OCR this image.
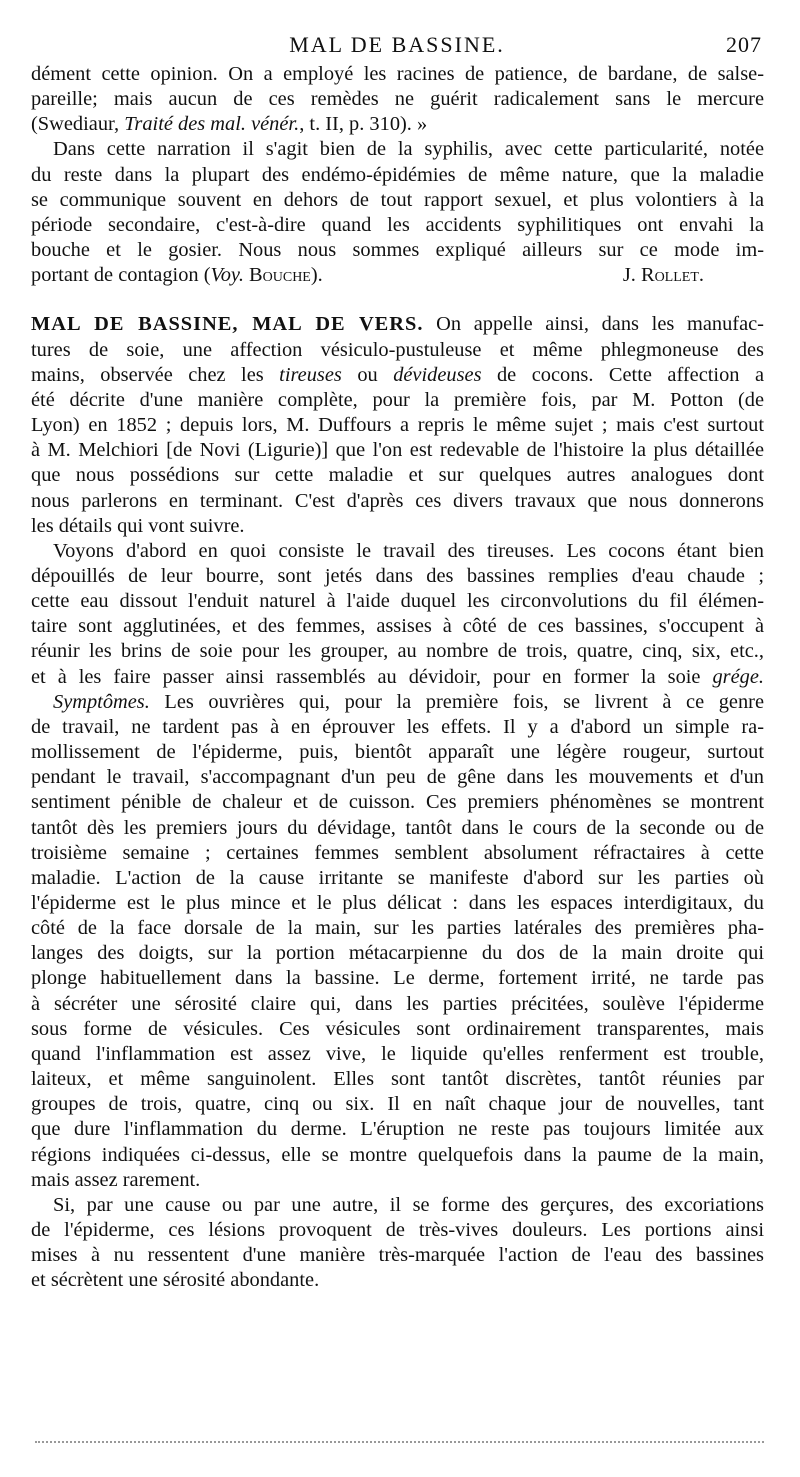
MAL DE BASSINE.	207

dément cette opinion. On a employé les racines de patience, de bardane, de salse-
pareille; mais aucun de ces remèdes ne guérit radicalement sans le mercure
(Swediaur, Traité des mal. vénér., t. II, p. 310). »

Dans cette narration il s'agit bien de la syphilis, avec cette particularité, notée
du reste dans la plupart des endémo-épidémies de même nature, que la maladie
se communique souvent en dehors de tout rapport sexuel, et plus volontiers à la
période secondaire, c'est-à-dire quand les accidents syphilitiques ont envahi la
bouche et le gosier. Nous nous sommes expliqué ailleurs sur ce mode im-
portant de contagion (Voy. Bouche).	J. Rollet.

MAL DE BASSINE, MAL DE VERS. On appelle ainsi, dans les manufac-
tures de soie, une affection vésiculo-pustuleuse et même phlegmoneuse des
mains, observée chez les tireuses ou dévideuses de cocons. Cette affection a
été décrite d'une manière complète, pour la première fois, par M. Potton (de
Lyon) en 1852 ; depuis lors, M. Duffours a repris le même sujet ; mais c'est surtout
à M. Melchiori [de Novi (Ligurie)] que l'on est redevable de l'histoire la plus détaillée
que nous possédions sur cette maladie et sur quelques autres analogues dont
nous parlerons en terminant. C'est d'après ces divers travaux que nous donnerons
les détails qui vont suivre.

Voyons d'abord en quoi consiste le travail des tireuses. Les cocons étant bien
dépouillés de leur bourre, sont jetés dans des bassines remplies d'eau chaude ;
cette eau dissout l'enduit naturel à l'aide duquel les circonvolutions du fil élémen-
taire sont agglutinées, et des femmes, assises à côté de ces bassines, s'occupent à
réunir les brins de soie pour les grouper, au nombre de trois, quatre, cinq, six, etc.,
et à les faire passer ainsi rassemblés au dévidoir, pour en former la soie grége.

Symptômes. Les ouvrières qui, pour la première fois, se livrent à ce genre
de travail, ne tardent pas à en éprouver les effets. Il y a d'abord un simple ra-
mollissement de l'épiderme, puis, bientôt apparaît une légère rougeur, surtout
pendant le travail, s'accompagnant d'un peu de gêne dans les mouvements et d'un
sentiment pénible de chaleur et de cuisson. Ces premiers phénomènes se montrent
tantôt dès les premiers jours du dévidage, tantôt dans le cours de la seconde ou de
troisième semaine ; certaines femmes semblent absolument réfractaires à cette
maladie. L'action de la cause irritante se manifeste d'abord sur les parties où
l'épiderme est le plus mince et le plus délicat : dans les espaces interdigitaux, du
côté de la face dorsale de la main, sur les parties latérales des premières pha-
langes des doigts, sur la portion métacarpienne du dos de la main droite qui
plonge habituellement dans la bassine. Le derme, fortement irrité, ne tarde pas
à sécréter une sérosité claire qui, dans les parties précitées, soulève l'épiderme
sous forme de vésicules. Ces vésicules sont ordinairement transparentes, mais
quand l'inflammation est assez vive, le liquide qu'elles renferment est trouble,
laiteux, et même sanguinolent. Elles sont tantôt discrètes, tantôt réunies par
groupes de trois, quatre, cinq ou six. Il en naît chaque jour de nouvelles, tant
que dure l'inflammation du derme. L'éruption ne reste pas toujours limitée aux
régions indiquées ci-dessus, elle se montre quelquefois dans la paume de la main,
mais assez rarement.

Si, par une cause ou par une autre, il se forme des gerçures, des excoriations
de l'épiderme, ces lésions provoquent de très-vives douleurs. Les portions ainsi
mises à nu ressentent d'une manière très-marquée l'action de l'eau des bassines
et sécrètent une sérosité abondante.
